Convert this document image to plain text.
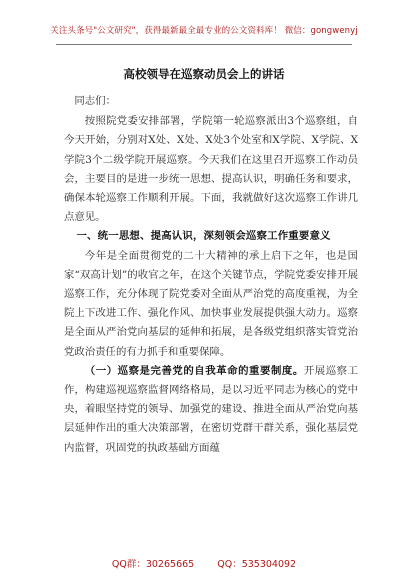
关注头条号"公文研究"，获得最新最全最专业的公文资料库！ 微信：gongwenyj
高校领导在巡察动员会上的讲话

同志们：

按照院党委安排部署，学院第一轮巡察派出3个巡察组，自今天开始，分别对X处、X处、X处3个处室和X学院、X学院、X学院3个二级学院开展巡察。今天我们在这里召开巡察工作动员会，主要目的是进一步统一思想、提高认识，明确任务和要求，确保本轮巡察工作顺利开展。下面，我就做好这次巡察工作讲几点意见。

一、统一思想、提高认识，深刻领会巡察工作重要意义

今年是全面贯彻党的二十大精神的承上启下之年，也是国家“双高计划”的收官之年，在这个关键节点，学院党委安排开展巡察工作，充分体现了院党委对全面从严治党的高度重视，为全院上下改进工作、强化作风、加快事业发展提供强大动力。巡察是全面从严治党向基层的延伸和拓展，是各级党组织落实管党治党政治责任的有力抓手和重要保障。

（一）巡察是完善党的自我革命的重要制度。开展巡察工作，构建巡视巡察监督网络格局，是以习近平同志为核心的党中央，着眼坚持党的领导、加强党的建设、推进全面从严治党向基层延伸作出的重大决策部署，在密切党群干群关系，强化基层党内监督，巩固党的执政基础方面蕴

QQ群：30265665 QQ：535304092
